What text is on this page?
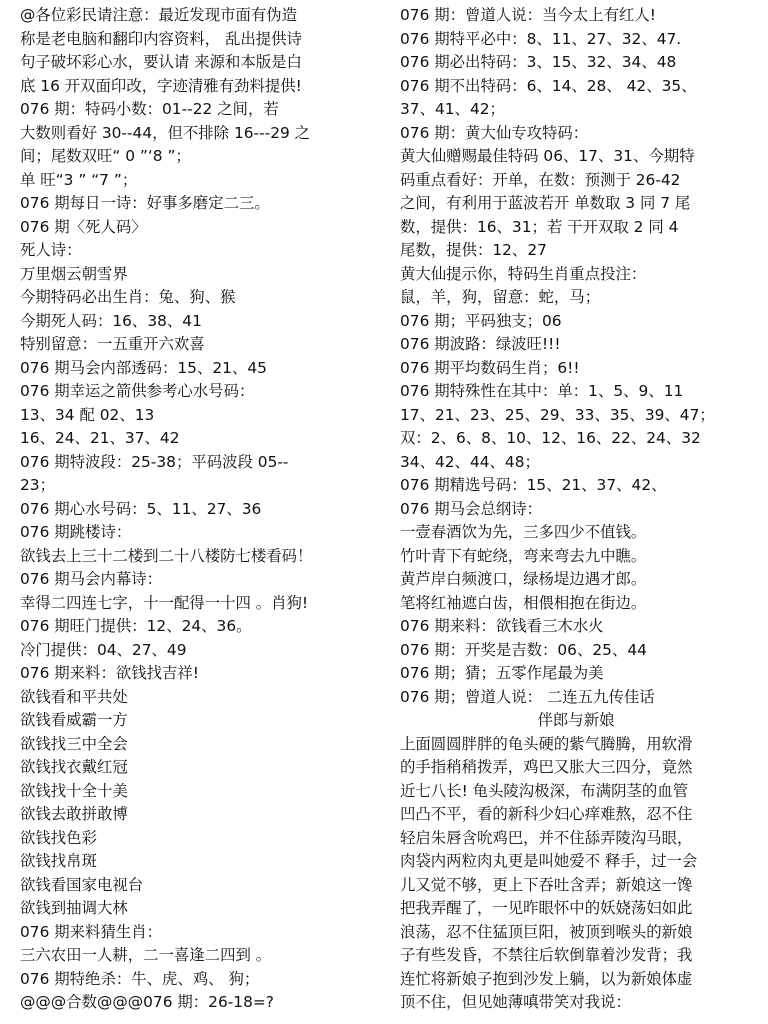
@各位彩民请注意：最近发现市面有伪造

称是老电脑和翻印内容资料， 乱出提供诗

句子破坏彩心水，要认请 来源和本版是白

底 16 开双面印改，字迹清雅有劲料提供!

076 期：特码小数：01--22 之间，若

大数则看好 30--44，但不排除 16---29 之

间；尾数双旺“ 0 ”‘8 ”；

单 旺“3 ” “7 ”；

076 期每日一诗：好事多磨定二三。

076 期〈死人码〉

死人诗：

万里烟云朝雪界

今期特码必出生肖：兔、狗、猴

今期死人码：16、38、41

特别留意：一五重开六欢喜

076 期马会内部透码：15、21、45

076 期幸运之箭供参考心水号码：

13、34 配 02、13

16、24、21、37、42

076 期特波段：25-38；平码波段 05--

23；

076 期心水号码：5、11、27、36

076 期跳楼诗：

欲钱去上三十二楼到二十八楼防七楼看码！

076 期马会内幕诗：

幸得二四连七字，十一配得一十四 。肖狗!

076 期旺门提供：12、24、36。

冷门提供：04、27、49

076 期来料：欲钱找吉祥!

欲钱看和平共处

欲钱看威霸一方

欲钱找三中全会

欲钱找衣戴红冠

欲钱找十全十美

欲钱去敢拼敢博

欲钱找色彩

欲钱找帛斑

欲钱看国家电视台

欲钱到抽调大林

076 期来料猜生肖：

三六农田一人耕，二一喜逢二四到 。

076 期特绝杀：牛、虎、鸡、 狗；

@@@合数@@@076 期：26-18=?

076 期：曾道人说：当今太上有红人!

076 期特平必中：8、11、27、32、47.

076 期必出特码：3、15、32、34、48

076 期不出特码：6、14、28、 42、35、

37、41、42；

076 期：黄大仙专攻特码：

黄大仙赠赐最佳特码 06、17、31、今期特

码重点看好：开单，在数：预测于 26-42

之间，有利用于蓝波若开 单数取 3 同 7 尾

数，提供：16、31；若 干开双取 2 同 4

尾数，提供：12、27

黄大仙提示你，特码生肖重点投注：

鼠，羊，狗，留意：蛇，马；

076 期；平码独支；06

076 期波路：绿波旺!!!

076 期平均数码生肖；6!!

076 期特殊性在其中：单：1、5、9、11

17、21、23、25、29、33、35、39、47；

双：2、6、8、10、12、16、22、24、32

34、42、44、48；

076 期精选号码：15、21、37、42、

076 期马会总纲诗：

一壹春酒饮为先，三多四少不值钱。

竹叶青下有蛇绕，弯来弯去九中瞧。

黄芦岸白频渡口，绿杨堤边遇才郎。

笔将红袖遮白齿，相偎相抱在街边。

076 期来料：欲钱看三木水火

076 期：开奖是吉数：06、25、44

076 期；猜；五零作尾最为美

076 期；曾道人说： 二连五九传佳话

伴郎与新娘

上面圆圆胖胖的龟头硬的紫气腾腾，用软滑

的手指稍稍拨弄，鸡巴又胀大三四分，竟然

近七八长! 龟头陵沟极深，布满阴茎的血管

凹凸不平，看的新科少妇心痒难熬，忍不住

轻启朱唇含吮鸡巴，并不住舔弄陵沟马眼，

肉袋内两粒肉丸更是叫她爱不 释手，过一会

儿又觉不够，更上下吞吐含弄；新娘这一馋

把我弄醒了，一见昨眼怀中的妖娆荡妇如此

浪荡，忍不住猛顶巨阳，被顶到喉头的新娘

子有些发昏，不禁往后软倒靠着沙发背；我

连忙将新娘子抱到沙发上躺，以为新娘体虚

顶不住，但见她薄嗔带笑对我说：
